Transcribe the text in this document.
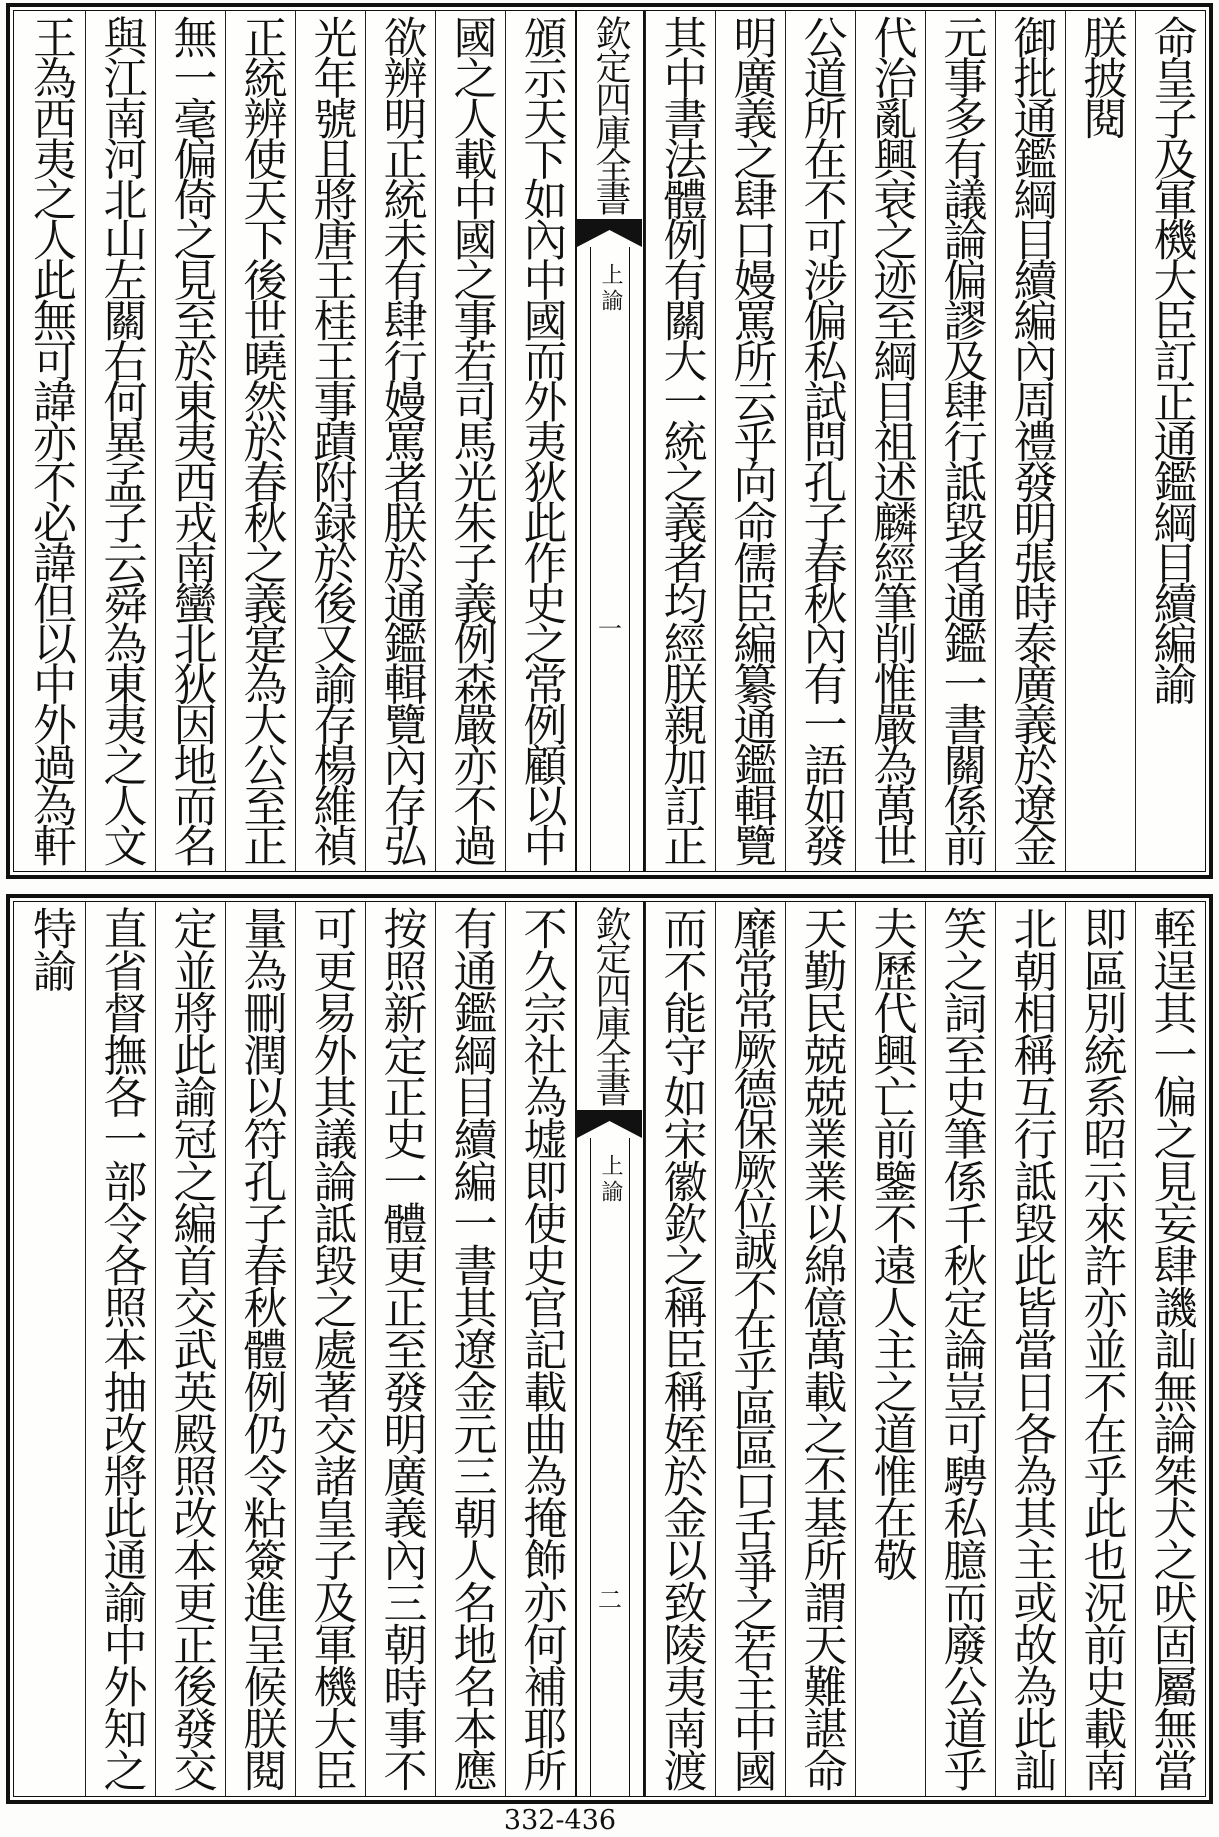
命皇子及軍機大臣訂正通鑑綱目續編諭
朕披閱
御批通鑑綱目續編內周禮發明張時泰廣義於遼金
元事多有議論偏謬及肆行詆毀者通鑑一書關係前
代治亂興衰之迹至綱目祖述麟經筆削惟嚴為萬世
公道所在不可涉偏私試問孔子春秋內有一語如發
明廣義之肆口嫚罵所云乎向命儒臣編纂通鑑輯覽
其中書法體例有關大一統之義者均經朕親加訂正
欽定四庫全書
上諭
一
頒示天下如內中國而外夷狄此作史之常例顧以中
國之人載中國之事若司馬光朱子義例森嚴亦不過
欲辨明正統未有肆行嫚罵者朕於通鑑輯覽內存弘
光年號且將唐王桂王事蹟附録於後又諭存楊維禎
正統辨使天下後世曉然於春秋之義寔為大公至正
無一毫偏倚之見至於東夷西戎南蠻北狄因地而名
與江南河北山左關右何異孟子云舜為東夷之人文
王為西夷之人此無可諱亦不必諱但以中外過為軒
輊逞其一偏之見妄肆譏訕無論桀犬之吠固屬無當
即區別統系昭示來許亦並不在乎此也況前史載南
北朝相稱互行詆毀此皆當日各為其主或故為此訕
笑之詞至史筆係千秋定論豈可騁私臆而廢公道乎
夫歷代興亡前鑒不遠人主之道惟在敬
天勤民兢兢業業以綿億萬載之丕基所謂天難諶命
靡常常厥德保厥位誠不在乎區區口舌爭之若主中國
而不能守如宋徽欽之稱臣稱姪於金以致陵夷南渡
欽定四庫全書
上諭
二
不久宗社為墟即使史官記載曲為掩飾亦何補耶所
有通鑑綱目續編一書其遼金元三朝人名地名本應
按照新定正史一體更正至發明廣義內三朝時事不
可更易外其議論詆毀之處著交諸皇子及軍機大臣
量為刪潤以符孔子春秋體例仍令粘簽進呈候朕閱
定並將此諭冠之編首交武英殿照改本更正後發交
直省督撫各一部令各照本抽改將此通諭中外知之
特諭
332-436
